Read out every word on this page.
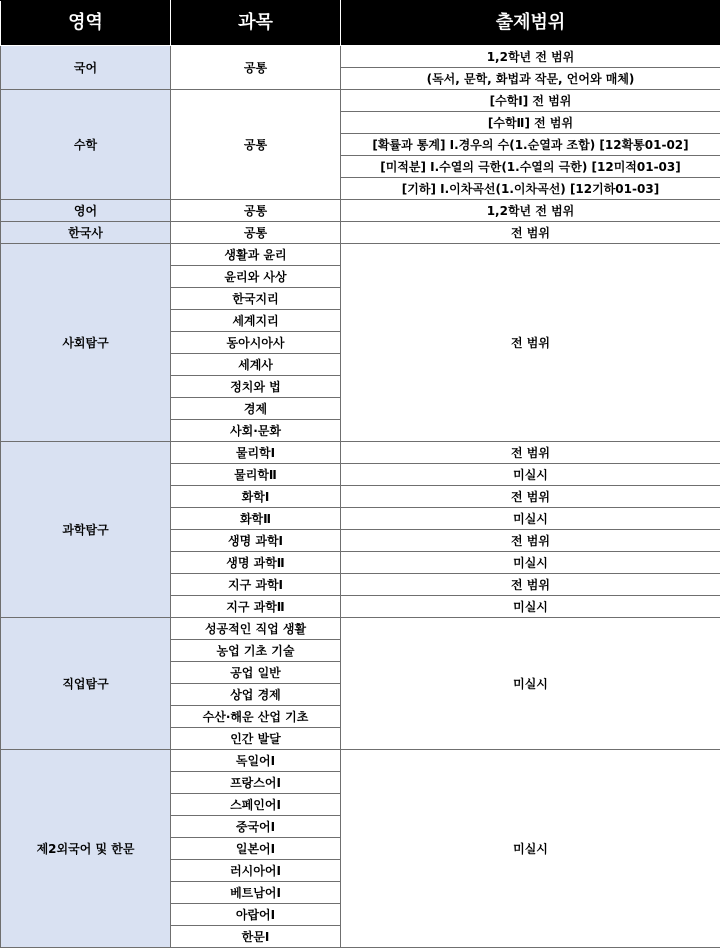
영역	과목	출제범위
국어	공통	1,2학년 전 범위
		(독서, 문학, 화법과 작문, 언어와 매체)
수학	공통	[수학Ⅰ] 전 범위
		[수학Ⅱ] 전 범위
		[확률과 통계] Ⅰ.경우의 수(1.순열과 조합) [12확통01-02]
		[미적분] Ⅰ.수열의 극한(1.수열의 극한) [12미적01-03]
		[기하] Ⅰ.이차곡선(1.이차곡선) [12기하01-03]
영어	공통	1,2학년 전 범위
한국사	공통	전 범위
사회탐구	생활과 윤리	전 범위
	윤리와 사상	
	한국지리	
	세계지리	
	동아시아사	
	세계사	
	정치와 법	
	경제	
	사회·문화	
과학탐구	물리학Ⅰ	전 범위
	물리학Ⅱ	미실시
	화학Ⅰ	전 범위
	화학Ⅱ	미실시
	생명 과학Ⅰ	전 범위
	생명 과학Ⅱ	미실시
	지구 과학Ⅰ	전 범위
	지구 과학Ⅱ	미실시
직업탐구	성공적인 직업 생활	미실시
	농업 기초 기술	
	공업 일반	
	상업 경제	
	수산·해운 산업 기초	
	인간 발달	
제2외국어 및 한문	독일어Ⅰ	미실시
	프랑스어Ⅰ	
	스페인어Ⅰ	
	중국어Ⅰ	
	일본어Ⅰ	
	러시아어Ⅰ	
	베트남어Ⅰ	
	아랍어Ⅰ	
	한문Ⅰ	
